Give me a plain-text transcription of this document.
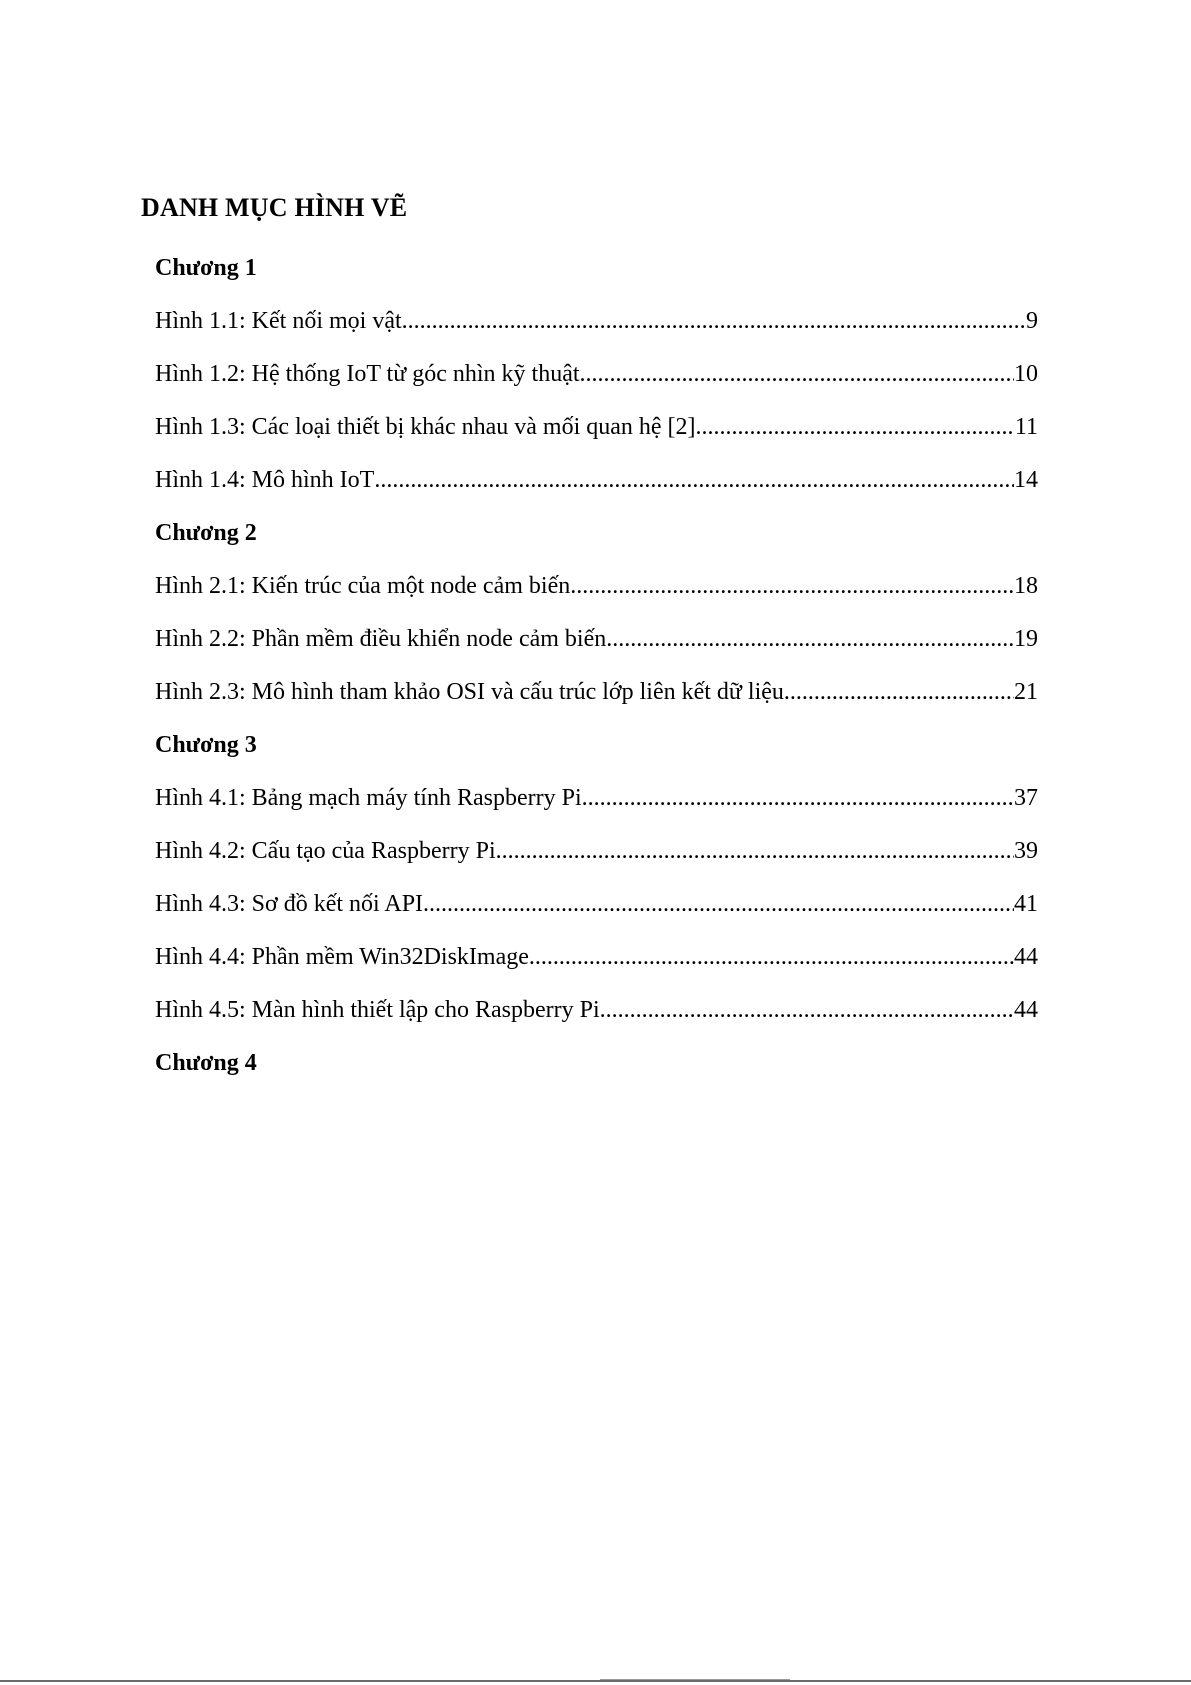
DANH MỤC HÌNH VẼ
Chương 1
Hình 1.1: Kết nối mọi vật .....	9
Hình 1.2: Hệ thống IoT từ góc nhìn kỹ thuật .....	10
Hình 1.3: Các loại thiết bị khác nhau và mối quan hệ [2] .....	11
Hình 1.4: Mô hình IoT .....	14
Chương 2
Hình 2.1: Kiến trúc của một node cảm biến .....	18
Hình 2.2: Phần mềm điều khiển node cảm biến .....	19
Hình 2.3: Mô hình tham khảo OSI và cấu trúc lớp liên kết dữ liệu .....	21
Chương 3
Hình 4.1: Bảng mạch máy tính Raspberry Pi .....	37
Hình 4.2: Cấu tạo của Raspberry Pi .....	39
Hình 4.3: Sơ đồ kết nối API .....	41
Hình 4.4: Phần mềm Win32DiskImage .....	44
Hình 4.5: Màn hình thiết lập cho Raspberry Pi .....	44
Chương 4
